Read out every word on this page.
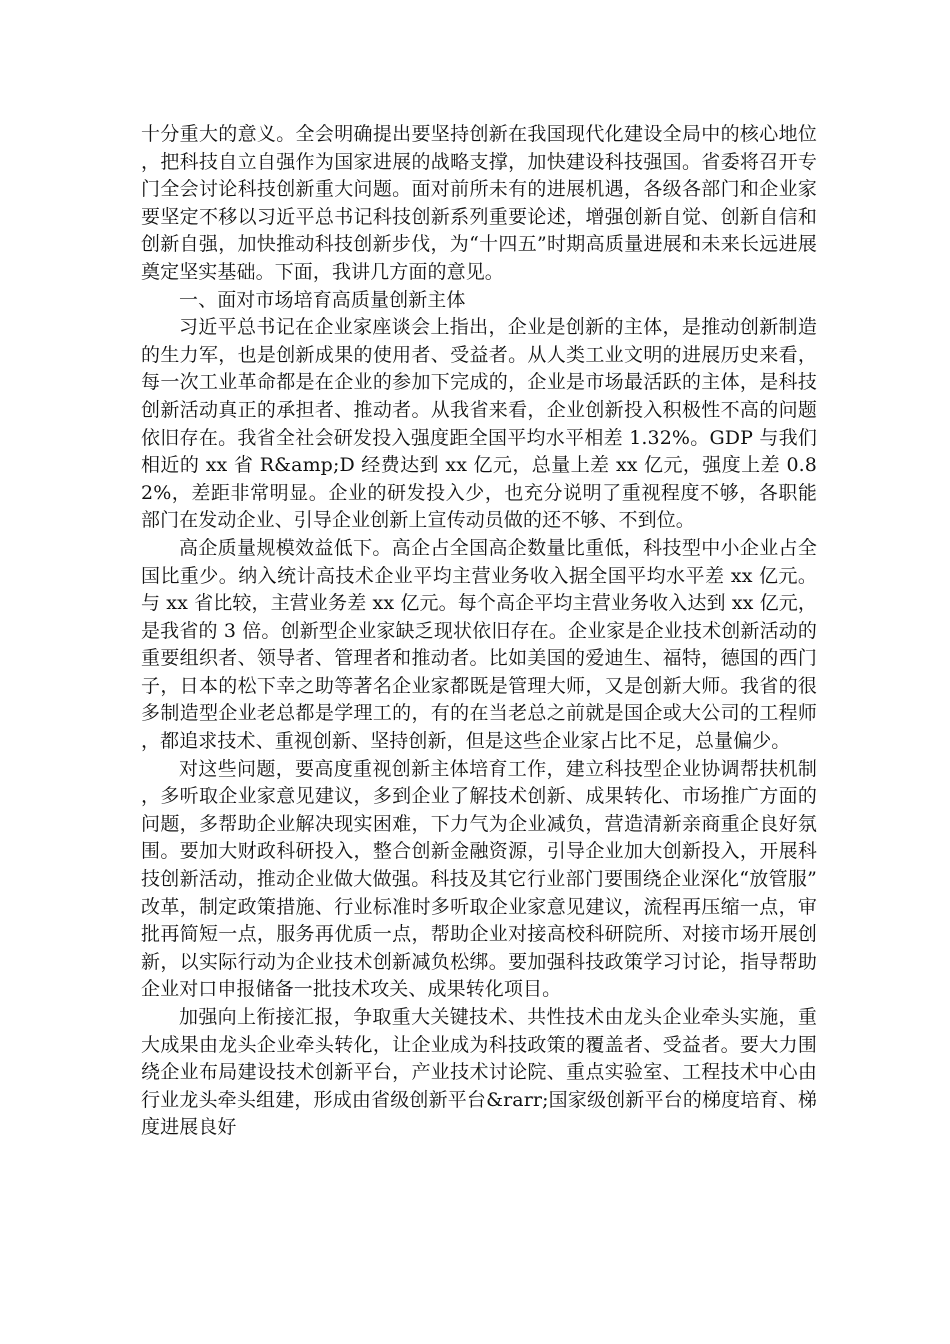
十分重大的意义。全会明确提出要坚持创新在我国现代化建设全局中的核心地位，把科技自立自强作为国家进展的战略支撑，加快建设科技强国。省委将召开专门全会讨论科技创新重大问题。面对前所未有的进展机遇，各级各部门和企业家要坚定不移以习近平总书记科技创新系列重要论述，增强创新自觉、创新自信和创新自强，加快推动科技创新步伐，为“十四五”时期高质量进展和未来长远进展奠定坚实基础。下面，我讲几方面的意见。

一、面对市场培育高质量创新主体

习近平总书记在企业家座谈会上指出，企业是创新的主体，是推动创新制造的生力军，也是创新成果的使用者、受益者。从人类工业文明的进展历史来看，每一次工业革命都是在企业的参加下完成的，企业是市场最活跃的主体，是科技创新活动真正的承担者、推动者。从我省来看，企业创新投入积极性不高的问题依旧存在。我省全社会研发投入强度距全国平均水平相差 1.32%。GDP 与我们相近的 xx 省 R&amp;D 经费达到 xx 亿元，总量上差 xx 亿元，强度上差 0.82%，差距非常明显。企业的研发投入少，也充分说明了重视程度不够，各职能部门在发动企业、引导企业创新上宣传动员做的还不够、不到位。

高企质量规模效益低下。高企占全国高企数量比重低，科技型中小企业占全国比重少。纳入统计高技术企业平均主营业务收入据全国平均水平差 xx 亿元。与 xx 省比较，主营业务差 xx 亿元。每个高企平均主营业务收入达到 xx 亿元，是我省的 3 倍。创新型企业家缺乏现状依旧存在。企业家是企业技术创新活动的重要组织者、领导者、管理者和推动者。比如美国的爱迪生、福特，德国的西门子，日本的松下幸之助等著名企业家都既是管理大师，又是创新大师。我省的很多制造型企业老总都是学理工的，有的在当老总之前就是国企或大公司的工程师，都追求技术、重视创新、坚持创新，但是这些企业家占比不足，总量偏少。

对这些问题，要高度重视创新主体培育工作，建立科技型企业协调帮扶机制，多听取企业家意见建议，多到企业了解技术创新、成果转化、市场推广方面的问题，多帮助企业解决现实困难，下力气为企业减负，营造清新亲商重企良好氛围。要加大财政科研投入，整合创新金融资源，引导企业加大创新投入，开展科技创新活动，推动企业做大做强。科技及其它行业部门要围绕企业深化“放管服”改革，制定政策措施、行业标准时多听取企业家意见建议，流程再压缩一点，审批再简短一点，服务再优质一点，帮助企业对接高校科研院所、对接市场开展创新，以实际行动为企业技术创新减负松绑。要加强科技政策学习讨论，指导帮助企业对口申报储备一批技术攻关、成果转化项目。

加强向上衔接汇报，争取重大关键技术、共性技术由龙头企业牵头实施，重大成果由龙头企业牵头转化，让企业成为科技政策的覆盖者、受益者。要大力围绕企业布局建设技术创新平台，产业技术讨论院、重点实验室、工程技术中心由行业龙头牵头组建，形成由省级创新平台&rarr;国家级创新平台的梯度培育、梯度进展良好
